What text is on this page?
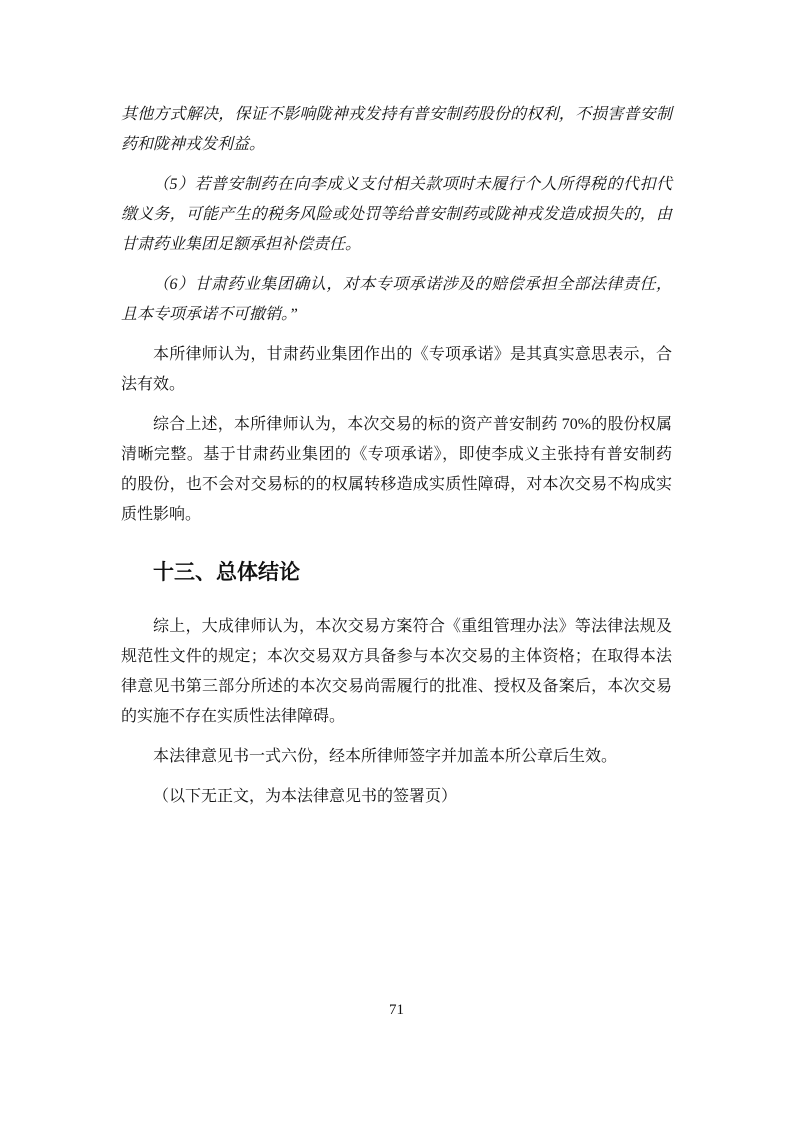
其他方式解决，保证不影响陇神戎发持有普安制药股份的权利，不损害普安制药和陇神戎发利益。

（5）若普安制药在向李成义支付相关款项时未履行个人所得税的代扣代缴义务，可能产生的税务风险或处罚等给普安制药或陇神戎发造成损失的，由甘肃药业集团足额承担补偿责任。

（6）甘肃药业集团确认，对本专项承诺涉及的赔偿承担全部法律责任，且本专项承诺不可撤销。”

本所律师认为，甘肃药业集团作出的《专项承诺》是其真实意思表示，合法有效。

综合上述，本所律师认为，本次交易的标的资产普安制药 70%的股份权属清晰完整。基于甘肃药业集团的《专项承诺》，即使李成义主张持有普安制药的股份，也不会对交易标的的权属转移造成实质性障碍，对本次交易不构成实质性影响。

十三、总体结论

综上，大成律师认为，本次交易方案符合《重组管理办法》等法律法规及规范性文件的规定；本次交易双方具备参与本次交易的主体资格；在取得本法律意见书第三部分所述的本次交易尚需履行的批准、授权及备案后，本次交易的实施不存在实质性法律障碍。

本法律意见书一式六份，经本所律师签字并加盖本所公章后生效。

（以下无正文，为本法律意见书的签署页）

71
